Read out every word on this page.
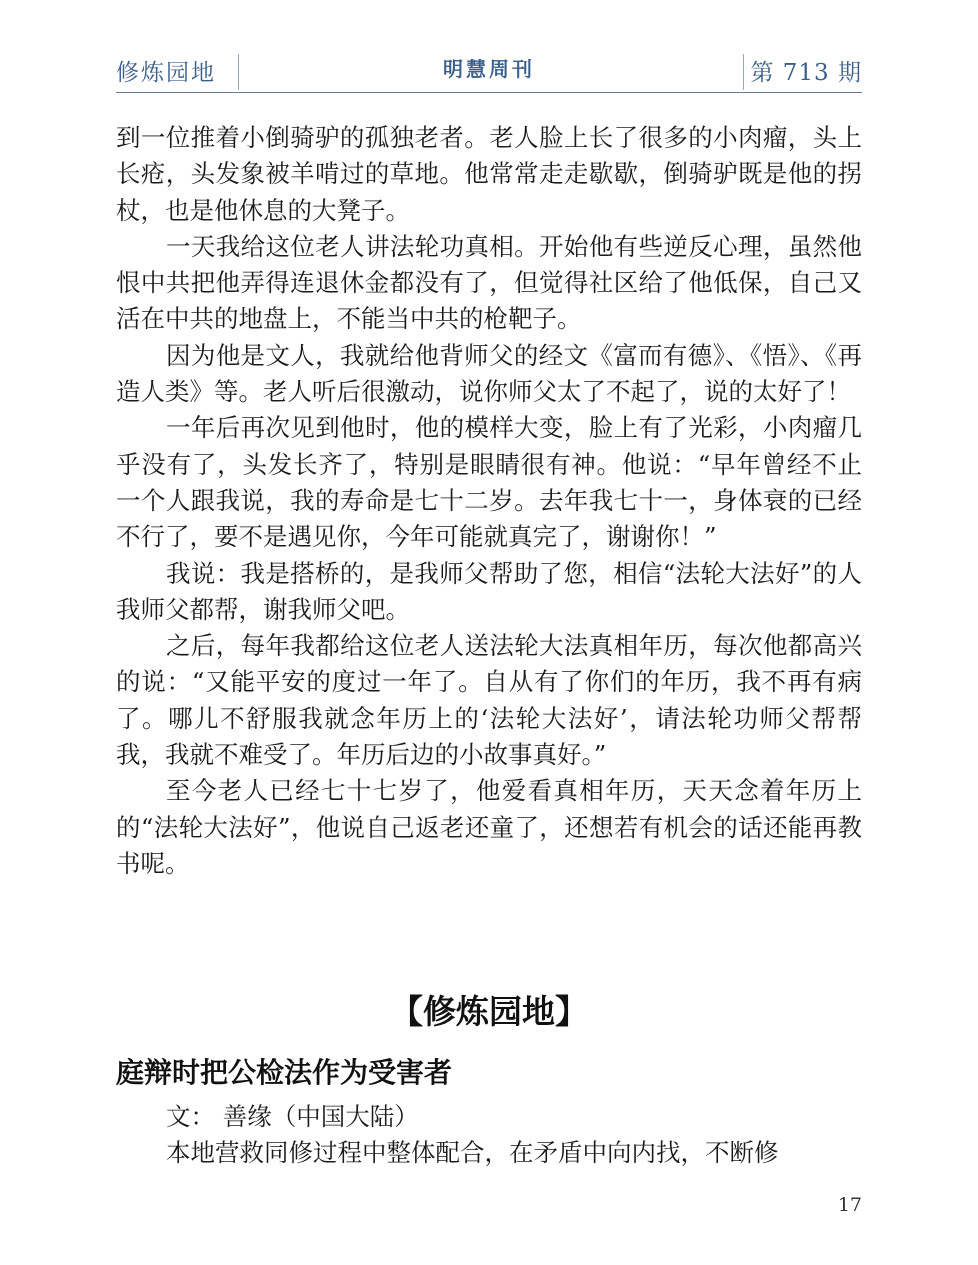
修炼园地	明慧周刊	第 713 期

到一位推着小倒骑驴的孤独老者。老人脸上长了很多的小肉瘤，头上长疮，头发象被羊啃过的草地。他常常走走歇歇，倒骑驴既是他的拐杖，也是他休息的大凳子。

一天我给这位老人讲法轮功真相。开始他有些逆反心理，虽然他恨中共把他弄得连退休金都没有了，但觉得社区给了他低保，自己又活在中共的地盘上，不能当中共的枪靶子。

因为他是文人，我就给他背师父的经文《富而有德》、《悟》、《再造人类》等。老人听后很激动，说你师父太了不起了，说的太好了！

一年后再次见到他时，他的模样大变，脸上有了光彩，小肉瘤几乎没有了，头发长齐了，特别是眼睛很有神。他说：“早年曾经不止一个人跟我说，我的寿命是七十二岁。去年我七十一，身体衰的已经不行了，要不是遇见你，今年可能就真完了，谢谢你！”

我说：我是搭桥的，是我师父帮助了您，相信“法轮大法好”的人我师父都帮，谢我师父吧。

之后，每年我都给这位老人送法轮大法真相年历，每次他都高兴的说：“又能平安的度过一年了。自从有了你们的年历，我不再有病了。哪儿不舒服我就念年历上的‘法轮大法好’，请法轮功师父帮帮我，我就不难受了。年历后边的小故事真好。”

至今老人已经七十七岁了，他爱看真相年历，天天念着年历上的“法轮大法好”，他说自己返老还童了，还想若有机会的话还能再教书呢。

【修炼园地】
庭辩时把公检法作为受害者
文： 善缘（中国大陆）
本地营救同修过程中整体配合，在矛盾中向内找，不断修
17
